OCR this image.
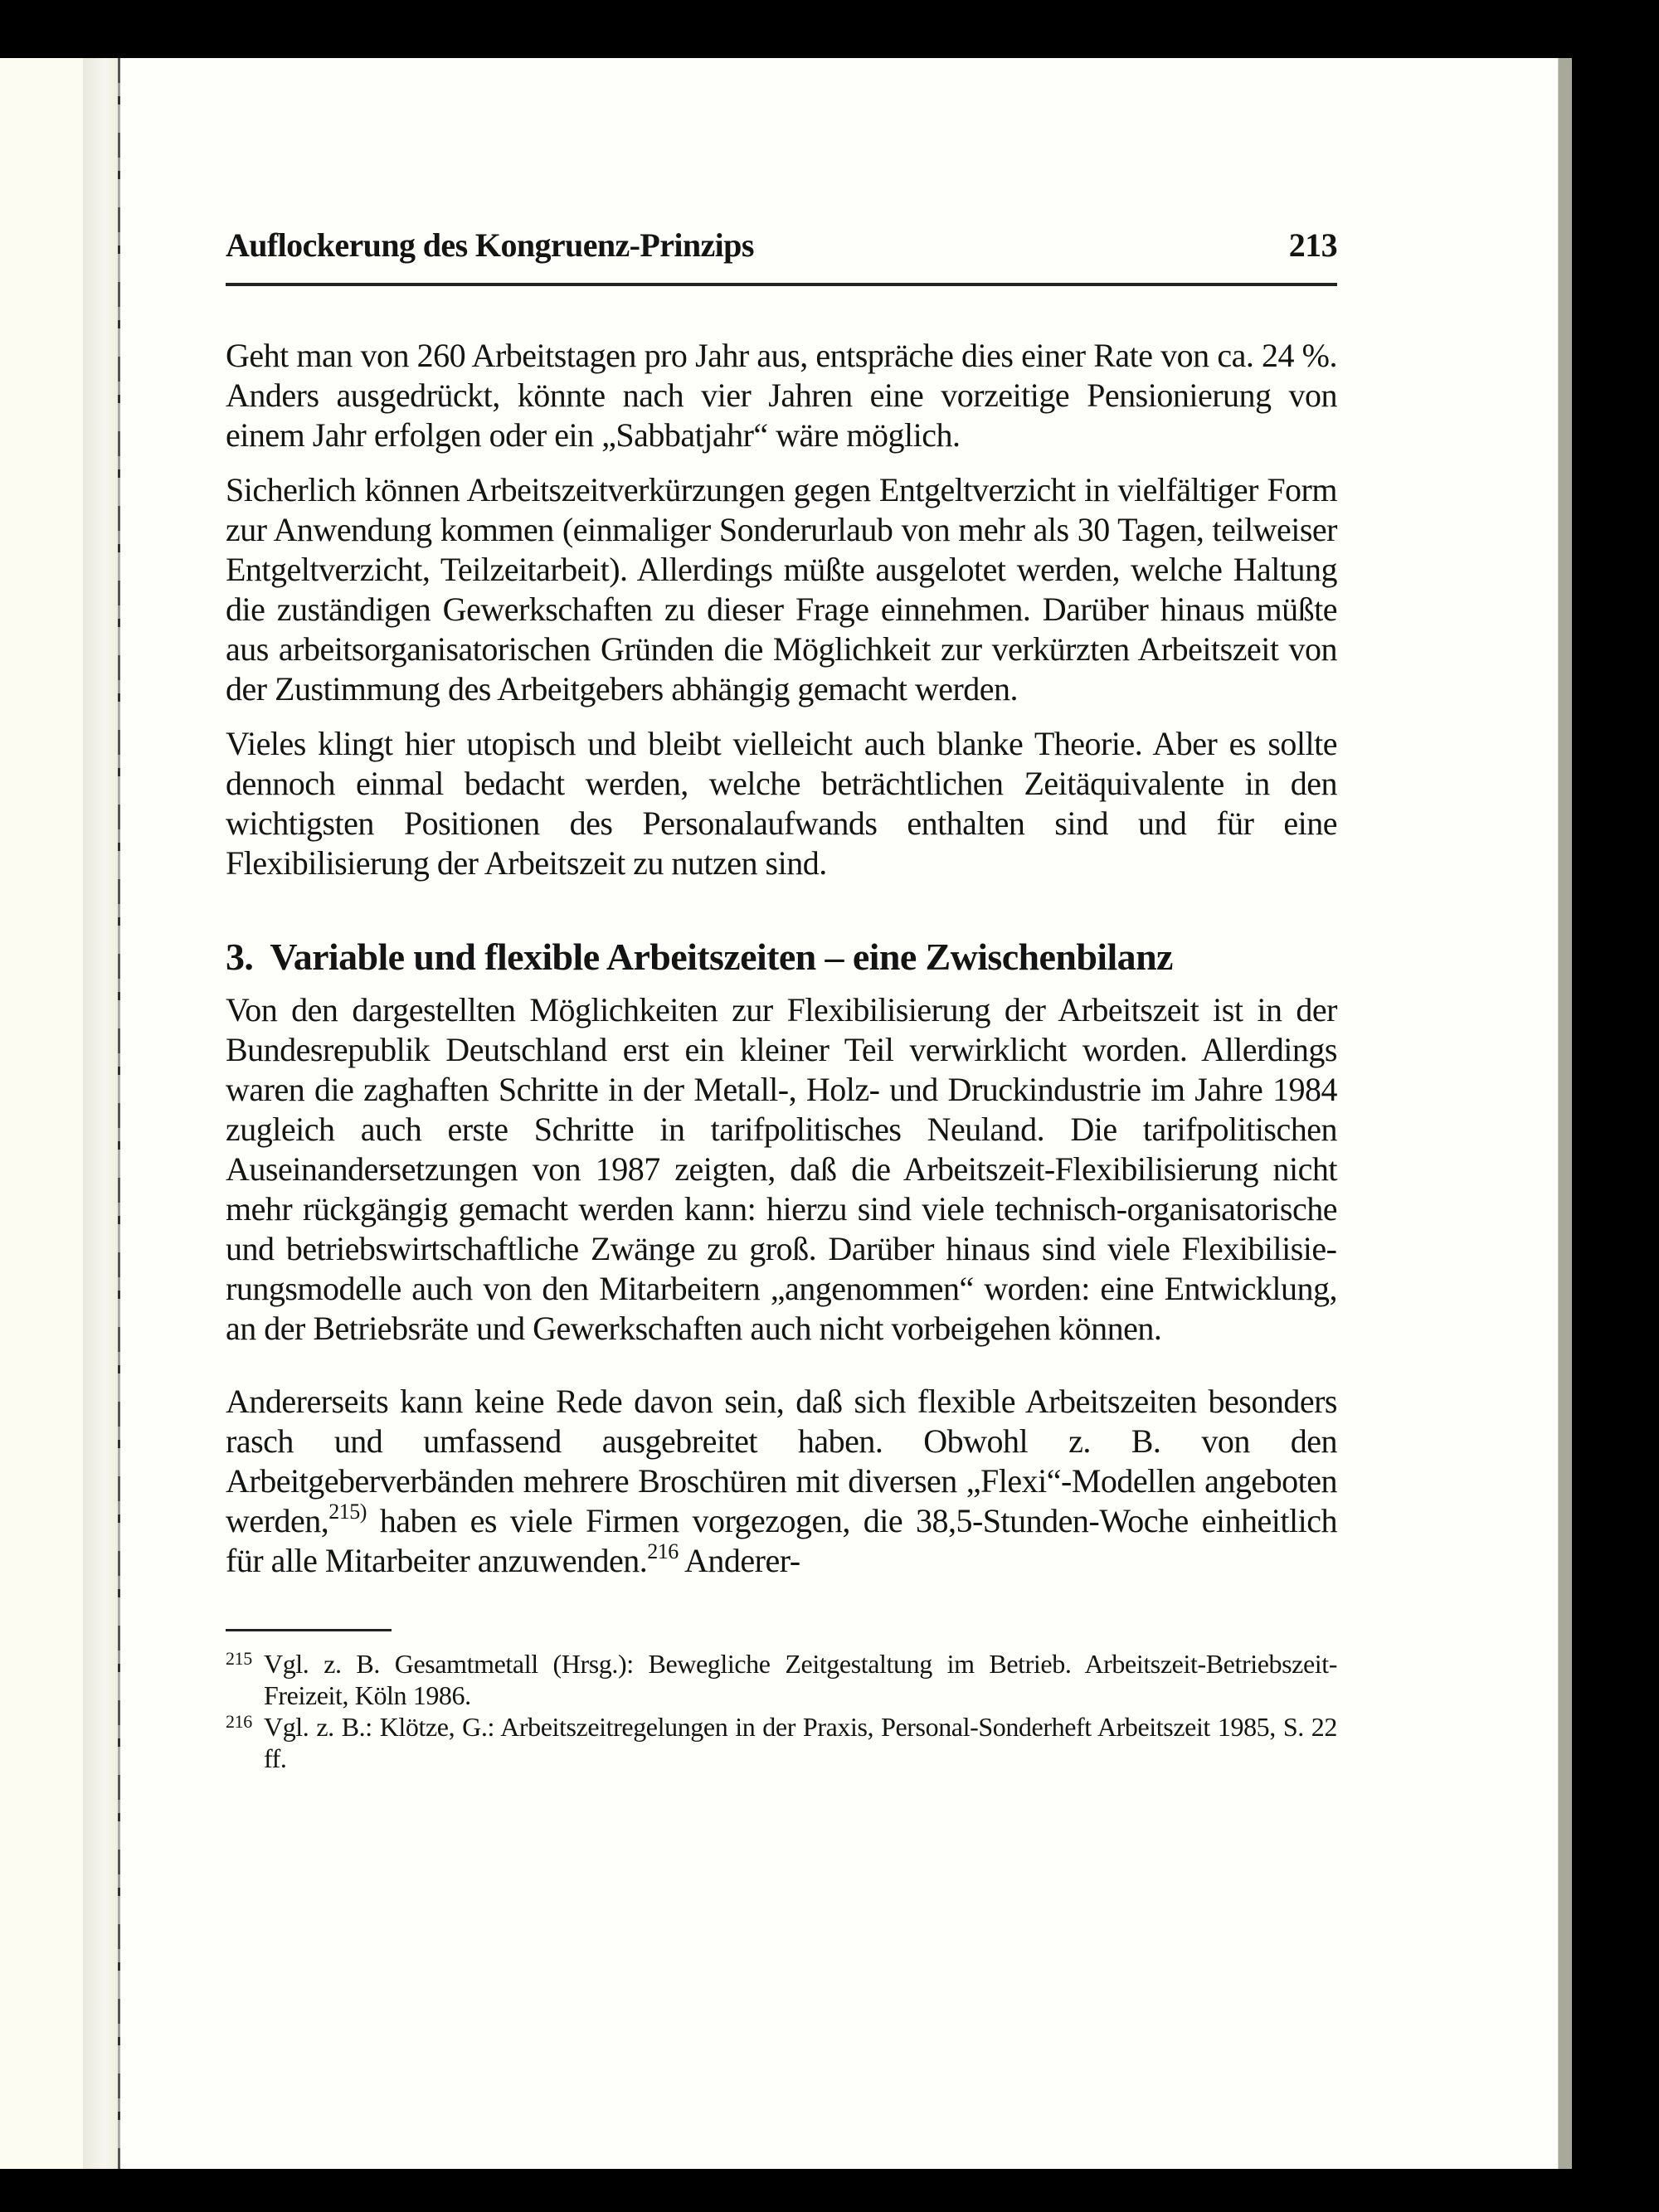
Auflockerung des Kongruenz-Prinzips	213

Geht man von 260 Arbeitstagen pro Jahr aus, entspräche dies einer Rate von ca. 24 %. Anders ausgedrückt, könnte nach vier Jahren eine vorzeitige Pensionierung von einem Jahr erfolgen oder ein „Sabbatjahr“ wäre möglich.

Sicherlich können Arbeitszeitverkürzungen gegen Entgeltverzicht in vielfältiger Form zur Anwendung kommen (einmaliger Sonderurlaub von mehr als 30 Tagen, teilweiser Entgeltverzicht, Teilzeitarbeit). Allerdings müßte ausgelotet werden, welche Haltung die zuständigen Gewerkschaften zu dieser Frage einnehmen. Darüber hinaus müßte aus arbeitsorganisatorischen Gründen die Möglichkeit zur verkürzten Arbeitszeit von der Zustimmung des Arbeitgebers abhängig gemacht werden.

Vieles klingt hier utopisch und bleibt vielleicht auch blanke Theorie. Aber es sollte dennoch einmal bedacht werden, welche beträchtlichen Zeitäquivalente in den wichtigsten Positionen des Personalaufwands enthalten sind und für eine Flexibilisierung der Arbeitszeit zu nutzen sind.

3. Variable und flexible Arbeitszeiten – eine Zwischenbilanz

Von den dargestellten Möglichkeiten zur Flexibilisierung der Arbeitszeit ist in der Bundesrepublik Deutschland erst ein kleiner Teil verwirklicht worden. Allerdings waren die zaghaften Schritte in der Metall-, Holz- und Druckindustrie im Jahre 1984 zugleich auch erste Schritte in tarifpolitisches Neuland. Die tarifpolitischen Auseinandersetzungen von 1987 zeigten, daß die Arbeitszeit-Flexibilisierung nicht mehr rückgängig gemacht werden kann: hierzu sind viele technisch-organisatorische und betriebswirtschaftliche Zwänge zu groß. Darüber hinaus sind viele Flexibilisierungsmodelle auch von den Mitarbeitern „angenommen“ worden: eine Entwicklung, an der Betriebsräte und Gewerkschaften auch nicht vorbeigehen können.

Andererseits kann keine Rede davon sein, daß sich flexible Arbeitszeiten besonders rasch und umfassend ausgebreitet haben. Obwohl z. B. von den Arbeitgeberverbänden mehrere Broschüren mit diversen „Flexi“-Modellen angeboten werden,$^{215)}$ haben es viele Firmen vorgezogen, die 38,5-Stunden-Woche einheitlich für alle Mitarbeiter anzuwenden.$^{216}$ Anderer-

215 Vgl. z. B. Gesamtmetall (Hrsg.): Bewegliche Zeitgestaltung im Betrieb. Arbeitszeit-Betriebszeit-Freizeit, Köln 1986.
216 Vgl. z. B.: Klötze, G.: Arbeitszeitregelungen in der Praxis, Personal-Sonderheft Arbeitszeit 1985, S. 22 ff.
